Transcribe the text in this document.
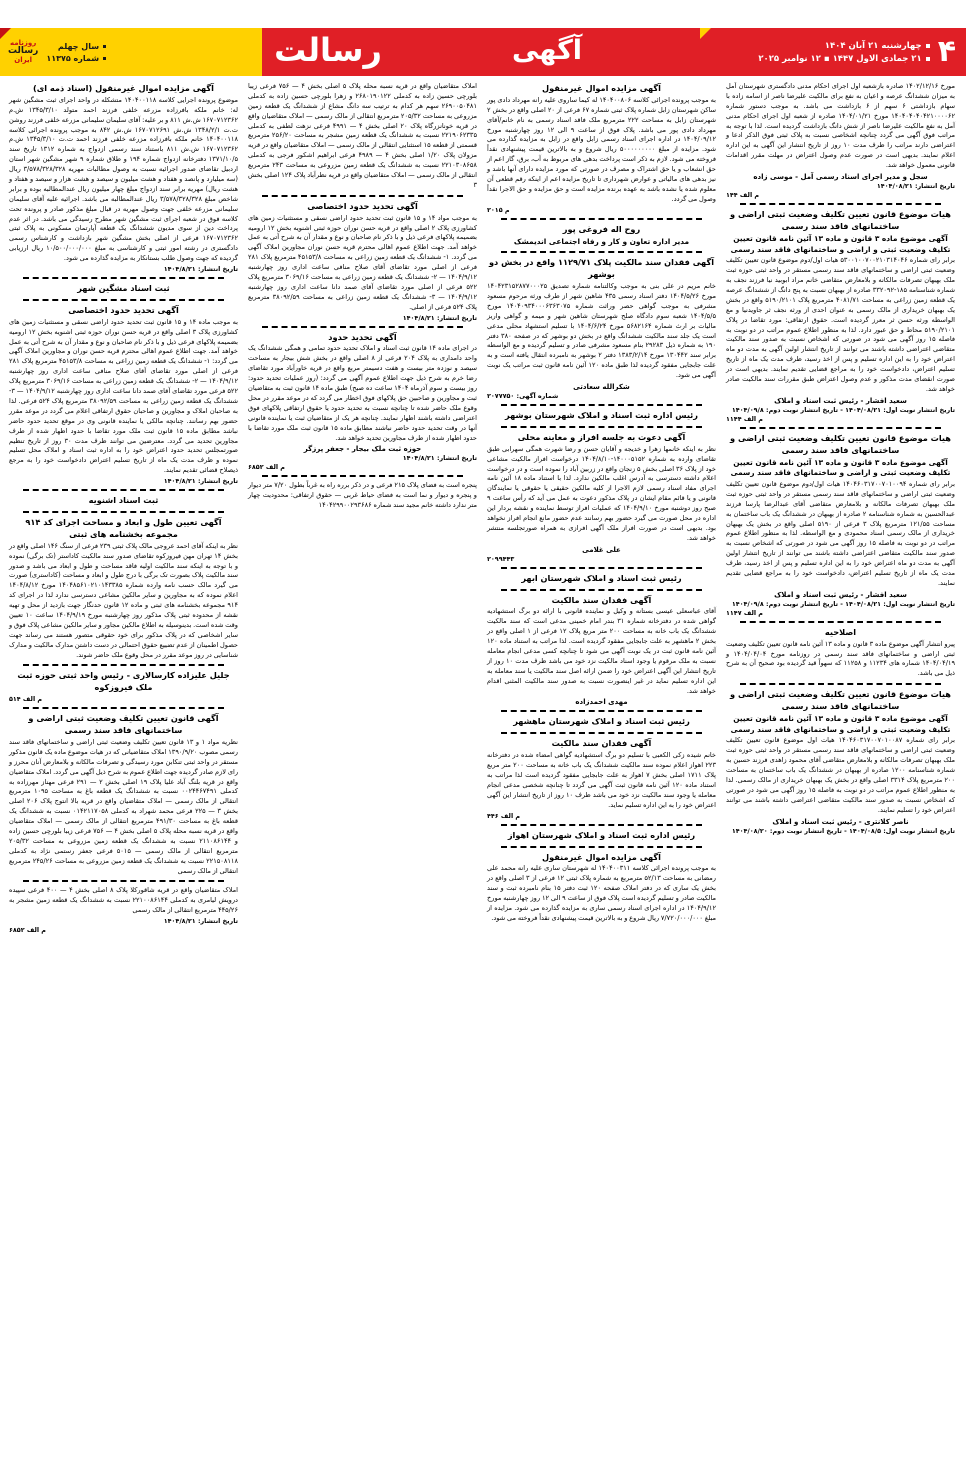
۴
چهارشنبه ۲۱ آبان ۱۴۰۴
۲۱ جمادی الاول ۱۴۴۷ ▪ ۱۲ نوامبر ۲۰۲۵
آگهی
رسالت
سال چهلم
شماره ۱۱۳۷۵
روزنامه
رسالت
ایران
مورخ ۱۴۰۲/۱۲/۱۶ صادره بازشعبه اول اجرای احکام مدنی دادگستری شهرستان آمل به میزان ششدانگ عرصه و اعیان به نفع برای مالکیت علیرضا ناصر از اسامه زاده با سهام بازداشتی ۶ سهم از ۶ بازداشت می باشد. به موجب دستور شماره ۱۴۰۴۰۴۰۴۰۴۲۱۰۰۰۰۶۲ مورخ ۱۴۰۴/۰۱/۲۱ صادره از شعبه اول اجرای احکام مدنی آمل به نفع مالکیت علیرضا ناصر از شش دانگ بازداشت گردیده است. لذا با توجه به مراتب فوق آگهی می گردد چنانچه اشخاصی نسبت به پلاک ثبتی فوق الذکر ادعا و اعتراضی دارند مراتب را ظرف مدت ۱۰ روز از تاریخ انتشار این آگهی به این اداره اعلام نمایند. بدیهی است در صورت عدم وصول اعتراض در مهلت مقرر اقدامات قانونی معمول خواهد شد.
سجل و مدیر اجرای اسناد رسمی آمل - موسی زاده
تاریخ انتشار: ۱۴۰۴/۰۸/۲۱
م الف ۱۴۴
هیات موضوع قانون تعیین تکلیف وضعیت ثبتی اراضی و ساختمانهای فاقد سند رسمی
آگهی موضوع ماده ۳ قانون و ماده ۱۳ آئین نامه قانون تعیین تکلیف وضعیت ثبتی و اراضی و ساختمانهای فاقد سند رسمی
برابر رای شماره ۵۳۰۰۱۰۰۷۰۰۲۱۰۳۱۴۰۴۶ هیات اول/دوم موضوع قانون تعیین تکلیف وضعیت ثبتی اراضی و ساختمانهای فاقد سند رسمی مستقر در واحد ثبتی حوزه ثبت ملک بهبهان تصرفات مالکانه و بلامعارض متقاضی خانم مراد ابوبید نیا فرزند نجف به شماره شناسنامه ۱۸۵-۳۳۲۰۹۲ صادره از بهبهان نسبت به پنج دانگ از ششدانگ عرصه یک قطعه زمین زراعی به مساحت ۴۰۸۱/۷۱ مترمربع پلاک ۵۱۹۰/۲۱۰۱ واقع در بخش یک بهبهان خریداری از مالک رسمی به عنوان احدی از ورثه نجف ثر جاویدنیا و مع الواسطه ورثه حسن ثر معرز گردیده است. حقوق ارتفاقی: مورد تقاضا در پلاک ۵۱۹۰/۲۱۰۱ محاط و حق عبور دارد. لذا به منظور اطلاع عموم مراتب در دو نوبت به فاصله ۱۵ روز آگهی می شود در صورتی که اشخاص نسبت به صدور سند مالکیت متقاضی اعتراضی داشته باشند می توانند از تاریخ انتشار اولین آگهی به مدت دو ماه اعتراض خود را به این اداره تسلیم و پس از اخذ رسید، ظرف مدت یک ماه از تاریخ تسلیم اعتراض، دادخواست خود را به مراجع قضایی تقدیم نمایند. بدیهی است در صورت انقضای مدت مذکور و عدم وصول اعتراض طبق مقررات سند مالکیت صادر خواهد شد.
سعید افشار - رئیس ثبت اسناد و املاک
تاریخ انتشار نوبت اول: ۱۴۰۴/۰۸/۲۱ - تاریخ انتشار نوبت دوم: ۱۴۰۴/۰۹/۸
م الف ۱۱۴۴
هیات موضوع قانون تعیین تکلیف وضعیت ثبتی اراضی و ساختمانهای فاقد سند رسمی
آگهی موضوع ماده ۳ قانون و ماده ۱۳ آئین نامه قانون تعیین تکلیف وضعیت ثبتی و اراضی و ساختمانهای فاقد سند رسمی
برابر رای شماره ۱۴۰۴۶۰۳۱۷۰۰۷۰۱۰۰۹۴ هیات اول/دوم موضوع قانون تعیین تکلیف وضعیت ثبتی اراضی و ساختمانهای فاقد سند رسمی مستقر در واحد ثبتی حوزه ثبت ملک بهبهان تصرفات مالکانه و بلامعارض متقاضی آقای عبدالرضا پارسا فرزند عبدالحسین به شماره شناسنامه ۲ صادره از بهبهان در ششدانگ یک باب ساختمان به مساحت ۱۲۱/۵۵ مترمربع پلاک ۳ فرعی از ۵۱۹۰ اصلی واقع در بخش یک بهبهان خریداری از مالک رسمی اسناد محمودی و مع الواسطه. لذا به منظور اطلاع عموم مراتب در دو نوبت به فاصله ۱۵ روز آگهی می شود در صورتی که اشخاص نسبت به صدور سند مالکیت متقاضی اعتراضی داشته باشند می توانند از تاریخ انتشار اولین آگهی به مدت دو ماه اعتراض خود را به این اداره تسلیم و پس از اخذ رسید، ظرف مدت یک ماه از تاریخ تسلیم اعتراض، دادخواست خود را به مراجع قضایی تقدیم نمایند.
سعید افشار - رئیس ثبت اسناد و املاک
تاریخ انتشار نوبت اول: ۱۴۰۴/۰۸/۲۱ - تاریخ انتشار نوبت دوم: ۱۴۰۴/۰۹/۸
م الف ۱۱۴۷
اصلاحیه
پیرو انتشار آگهی موضوع ماده ۳ قانون و ماده ۱۳ آئین نامه قانون تعیین تکلیف وضعیت ثبتی اراضی و ساختمانهای فاقد سند رسمی در روزنامه مورخ ۱۴۰۴/۰۴/۰۴ و ۱۴۰۴/۰۴/۱۹ شماره های ۱۱۲۳۴ و ۱۱۲۵۸ که سهواً قید گردیده بود صحیح آن به شرح ذیل می باشد.
هیات موضوع قانون تعیین تکلیف وضعیت ثبتی اراضی و ساختمانهای فاقد سند رسمی
آگهی موضوع ماده ۳ قانون و ماده ۱۳ آئین نامه قانون تعیین تکلیف وضعیت ثبتی و اراضی و ساختمانهای فاقد سند رسمی
برابر رای شماره ۱۴۰۴۶۰۳۱۷۰۰۷۰۱۰۰۸۷ هیات اول موضوع قانون تعیین تکلیف وضعیت ثبتی اراضی و ساختمانهای فاقد سند رسمی مستقر در واحد ثبتی حوزه ثبت ملک بهبهان تصرفات مالکانه و بلامعارض متقاضی آقای محمود زاهدی فرزند حسین به شماره شناسنامه ۱۲۰۰ صادره از بهبهان در ششدانگ یک باب ساختمان به مساحت ۲۰۰ مترمربع پلاک ۳۳۱۴ اصلی واقع در بخش یک بهبهان خریداری از مالک رسمی. لذا به منظور اطلاع عموم مراتب در دو نوبت به فاصله ۱۵ روز آگهی می شود در صورتی که اشخاص نسبت به صدور سند مالکیت متقاضی اعتراضی داشته باشند می توانند اعتراض خود را تسلیم نمایند.
ناصر کلانتری - رئیس ثبت اسناد و املاک
تاریخ انتشار نوبت اول: ۱۴۰۴/۰۸/۵ - تاریخ انتشار نوبت دوم: ۱۴۰۴/۰۸/۲۰
آگهی مزایده اموال غیرمنقول
به موجب پرونده اجرائی کلاسه ۱۴۰۴۰۰۸۰۶ له کیما ساروی علیه رانه مهرداد دادی پور ساکن شهرستان زابل شماره پلاک ثبتی شماره ۶۷ فرعی از ۲۰ اصلی واقع در بخش ۲ شهرستان زابل به مساحت ۲۲۲ مترمربع ملک فاقد اسناد رسمی به نام خانم/آقای مهرداد دادی پور می باشد. پلاک فوق از ساعت ۹ الی ۱۲ روز چهارشنبه مورخ ۱۴۰۴/۰۹/۱۲ در اداره اجرای اسناد رسمی زابل واقع در زابل به مزایده گذارده می شود. مزایده از مبلغ ۵۰۰۰۰۰۰۰۰۰ ریال شروع و به بالاترین قیمت پیشنهادی نقداً فروخته می شود. لازم به ذکر است پرداخت بدهی های مربوط به آب، برق، گاز اعم از حق انشعاب و یا حق اشتراک و مصرف در صورتی که مورد مزایده دارای آنها باشد و نیز بدهی های مالیاتی و عوارض شهرداری تا تاریخ مزایده اعم از اینکه رقم قطعی آن معلوم شده یا نشده باشد به عهده برنده مزایده است و حق مزایده و حق الاجرا نقداً وصول می گردد.
م ۲۰۱۵
روح اله فروغی پور
مدیر اداره تعاون و کار و رفاه اجتماعی اندیمشک
آگهی فقدان سند مالکیت پلاک ۱۱۲۹/۷۱ واقع در بخش دو بوشهر
خانم مریم در علی بنی به موجب وکالتنامه شماره تصدیق ۱۴۰۴۲۳۱۵۲۸۷۷۰۰۰۲۵ مورخ ۱۴۰۴/۵/۲۶ دفتر اسناد رسمی ۴۳۵ شاهین شهر از طرف ورثه مرحوم مسعود مشرفی به موجب گواهی حصر وراثت شماره ۱۴۰۴۰۹۳۴۰۰۰۶۳۶۳۰۷۵ مورخ ۱۴۰۴/۵/۵ شعبه سوم دادگاه صلح شهرستان شاهین شهر و میمه و گواهی واریز مالیات بر ارث شماره ۵۶۸۲۱۶۴ مورخ ۱۴۰۴/۶/۲۴ با تسلیم استشهاد محلی مدعی است یک جلد سند مالکیت ششدانگ واقع در بخش دو بوشهر که در صفحه ۳۸۰ دفتر ۱۹۰ به شماره ذیل ۲۹۲۸۳ بنام مسعود مشرفی صادر و تسلیم گردیده و مع الواسطه برابر سند ۱۳۰۴۴۲ مورخ ۱۳۸۳/۲/۱۴ دفتر ۲ بوشهر به نامبرده انتقال یافته است و به علت جابجایی مفقود گردیده لذا طبق ماده ۱۲۰ آئین نامه قانون ثبت مراتب یک نوبت آگهی می شود.
شکرالله سعادتی
شماره آگهی: ۲۰۷۷۷۵۰
رئیس اداره ثبت اسناد و املاک شهرستان بوشهر
آگهی دعوت به جلسه افراز و معاینه محلی
نظر به اینکه خانمها زهرا و خدیجه و آقایان حسن و رضا شهرت همگی سهرابی طبق تقاضای وارده به شماره ۱۴۰۰۰۵۱۵۲-۱۴۰۴/۸/۱۰ درخواست افراز مالکیت مشاعی خود از پلاک ۳۶ اصلی بخش ۵ زنجان واقع در زربین آباد را نموده است و در درخواست اعلام داشته دسترسی به آدرس اغلب مالکین ندارد. لذا با استناد ماده ۱۸ آئین نامه اجرای مفاد اسناد رسمی لازم الاجرا از کلیه مالکین حقیقی یا حقوقی یا نمایندگان قانونی و یا قائم مقام ایشان در پلاک مذکور دعوت به عمل می آید که رأس ساعت ۹ صبح روز دوشنبه مورخ ۱۴۰۴/۹/۱۰ که عملیات افراز توسط نماینده و نقشه بردار این اداره در محل صورت می گیرد حضور بهم رسانند عدم حضور مانع انجام افراز نخواهد بود. بدیهی است در صورت افراز ملک آگهی افرازی به همراه صورتجلسه منتشر خواهد شد.
علی غلامی
۲۰۹۹۴۴۳
رئیس ثبت اسناد و املاک شهرستان ابهر
آگهی فقدان سند مالکیت
آقای عباسعلی عیسی بستانه و وکیل و نماینده قانونی با ارائه دو برگ استشهادیه گواهی شده در دفترخانه شماره ۳۱ بندر امام خمینی مدعی است که سند مالکیت ششدانگ یک باب خانه به مساحت ۲۰۰ متر مربع پلاک ۱۲ فرعی از ۱ اصلی واقع در بخش ۲ ماهشهر به علت جابجایی مفقود گردیده است. لذا مراتب به استناد ماده ۱۲۰ آئین نامه قانون ثبت در یک نوبت آگهی می شود تا چنانچه کسی مدعی انجام معامله نسبت به ملک مرقوم یا وجود اسناد مالکیت نزد خود می باشد ظرف مدت ۱۰ روز از تاریخ انتشار این آگهی اعتراض خود را ضمن ارائه اصل سند مالکیت یا سند معامله به این اداره تسلیم نماید در غیر اینصورت نسبت به صدور سند مالکیت المثنی اقدام خواهد شد.
مهدی احمدزاده
رئیس ثبت اسناد و املاک شهرستان ماهشهر
آگهی فقدان سند مالکیت
خانم شیده زکی الکعبی با تسلیم دو برگ استشهادیه گواهی امضاء شده در دفترخانه ۲۲۳ اهواز اعلام نموده سند مالکیت ششدانگ یک باب خانه به مساحت ۲۰۰ متر مربع پلاک ۱۷۱۱ اصلی بخش ۷ اهواز به علت جابجایی مفقود گردیده است لذا مراتب به استناد ماده ۱۲۰ آئین نامه قانون ثبت آگهی می گردد تا چنانچه شخصی مدعی انجام معامله یا وجود سند مالکیت نزد خود می باشد ظرف ۱۰ روز از تاریخ انتشار این آگهی اعتراض خود را به این اداره تسلیم نماید.
م الف ۴۴۶
رئیس اداره ثبت اسناد و املاک شهرستان اهواز
آگهی مزایده اموال غیرمنقول
به موجب پرونده اجرائی کلاسه ۱۴۰۴۰۰۳۱۱ له شهرستان ساری علیه رانه محمد علی رمضانی به مساحت ۵۲/۱۳ مترمربع به شماره پلاک ثبتی ۱۲ فرعی از ۳ اصلی واقع در بخش یک ساری که در دفتر املاک صفحه ۱۲۰ ثبت دفتر ۱۵ بنام نامبرده ثبت و سند مالکیت صادر و تسلیم گردیده است پلاک فوق از ساعت ۹ الی ۱۲ روز چهارشنبه مورخ ۱۴۰۴/۹/۱۲ در اداره اجرای اسناد رسمی ساری به مزایده گذارده می شود. مزایده از مبلغ ۷/۷۲۰/۰۰۰/۰۰۰ ریال شروع و به بالاترین قیمت پیشنهادی نقداً فروخته می شود.
املاک متقاضیان واقع در قریه نسبه محله پلاک ۵ اصلی بخش ۴ — ۷۵۶ فرعی زیبا بلورچی حسین زاده به کدملی ۲۶۸۰۱۹۰۱۲۲ و زهرا بلورچی حسین زاده به کدملی ۲۶۹۰۰۵۰۴۸۱ سهم هر کدام به ترتیب سه دانگ مشاع از ششدانگ یک قطعه زمین مزروعی به مساحت ۲۰۵/۳۲ مترمربع انتقالی از مالک رسمی — املاک متقاضیان واقع در قریه خونانزرگاه پلاک ۲۰ اصلی بخش ۴ — ۴۹۹۱ فرعی نزهت لطفی به کدملی ۲۲۱۹۰۶۲۳۳۵ نسبت به ششدانگ یک قطعه زمین مشجر به مساحت ۲۵۶/۲۰ مترمربع قسمتی از قطعه ۱۵ استثنایی انتقالی از مالک رسمی — املاک متقاضیان واقع در قریه مزولان پلاک ۱/۲۰ اصلی بخش ۴ — ۴۹۸۹ فرعی ابراهیم اشکور فرجی به کدملی ۲۲۱۰۳۰۸۶۵۸ نسبت به ششدانگ یک قطعه زمین مزروعی به مساحت ۲۴۳ مترمربع انتقالی از مالک رسمی — املاک متقاضیان واقع در قریه نظرآباد پلاک ۱۲۴ اصلی بخش ۳
آگهی تحدید حدود اختصاصی
به موجب مواد ۱۴ و ۱۵ قانون ثبت تحدید حدود اراضی نسقی و مستثنیات زمین های کشاورزی پلاک ۲ اصلی واقع در قریه حسن نوران حوزه ثبتی اشنویه بخش ۱۲ ارومیه بضمیمه پلاکهای فرعی ذیل و با ذکر نام صاحبان و نوع و مقدار آن به شرح آتی به عمل خواهد آمد. جهت اطلاع عموم اهالی محترم قریه حسن نوران مجاورین املاک آگهی می گردد. ۱- ششدانگ یک قطعه زمین زراعی به مساحت ۴۵۱۵۳/۸ مترمربع پلاک ۲۸۱ فرعی از اصلی مورد تقاضای آقای صلاح منافی ساعت اداری روز چهارشنبه ۱۴۰۴/۹/۱۲ — ۲- ششدانگ یک قطعه زمین زراعی به مساحت ۳۰۶۹/۱۶ مترمربع پلاک ۵۲۲ فرعی از اصلی مورد تقاضای آقای صمد دانا ساعت اداری روز چهارشنبه ۱۴۰۴/۹/۱۲ — ۳- ششدانگ یک قطعه زمین زراعی به مساحت ۳۸۰۹۲/۵۹ مترمربع پلاک ۵۲۴ فرعی از اصلی.
تاریخ انتشار: ۱۴۰۴/۸/۲۱
آگهی تحدید حدود
در اجرای ماده ۱۴ قانون ثبت اسناد و املاک تحدید حدود تمامی و همگی ششدانگ یک واحد دامداری به پلاک ۲۰۴ فرعی از ۸ اصلی واقع در بخش شش بیجار به مساحت سیصد و نوزده متر بیست و هفت دسیمتر مربع واقع در قریه خاورآباد مورد تقاضای رضا خرم به شرح ذیل جهت اطلاع عموم آگهی می گردد: (روز عملیات تحدید حدود: روز بیست و سوم آذرماه ۱۴۰۴ ساعت ده صبح) طبق ماده ۱۴ قانون ثبت به متقاضیان ثبت و مجاورین و صاحبین حق پلاکهای فوق اخطار می گردد که در موعد مقرر در محل وقوع ملک حاضر شده تا چنانچه نسبت به تحدید حدود یا حقوق ارتفاقی پلاکهای فوق اعتراضی داشته باشند اظهار نمایند. چنانچه هر یک از متقاضیان ثبت یا نماینده قانونی آنها در وقت تحدید حدود حاضر نباشند مطابق ماده ۱۵ قانون ثبت ملک مورد تقاضا با حدود اظهار شده از طرف مجاورین تحدید خواهد شد.
حوزه ثبت ملک بیجار - جعفر پرزگر
تاریخ انتشار: ۱۴۰۴/۸/۲۱
م الف ۶۸۵۲
پنجره است به فضای پلاک ۲۱۵ فرعی و در ذکر برره راه به غرباً بطول ۷/۲۰ متر دیوار و پنجره و دیوار و نما است به فضای حیاط غربی — حقوق ارتفاقی: محدودیت چهار متر ندارد داشته خانم مجید سند شماره ۱۴۰۴۲۹۹۰۰۲۹۳۶۸۶
آگهی مزایده اموال غیرمنقول (اسناد ذمه ای)
موضوع پرونده اجرایی کلاسه ۱۴۰۴۰۰۱۱۸ متشکله در واحد اجرای ثبت مشگین شهر له: خانم ملکه بافرزاده مزرعه خلفی فرزند احمد متولد ۱۳۴۵/۳/۱۰ ش.م ۱۶۷۰۷۱۲۳۶۲ ش.ش ۸۱۱ و بر علیه: آقای سلیمان سلیمانی مزرعه خلفی فرزند روشن ت.ت ۱۳۴۸/۲/۱ ش.ش ۱۶۷۰۷۱۲۶۹۱ ش.ش ۸۴۲ به موجب پرونده اجرائی کلاسه ۱۴۰۴۰۰۱۱۸ خانم ملکه بافرزاده مزرعه خلفی فرزند احمد ت.ت ۱۳۴۵/۳/۱۰ ش.م ۱۶۷۰۷۱۲۳۶۲ ش.ش ۸۱۱ باستناد سند رسمی ازدواج به شماره ۱۳۱۲ تاریخ سند ۱۳۷۱/۱۰/۵ دفترخانه ازدواج شماره ۱۹۴ و طلاق شماره ۹ شهر مشگین شهر استان اردبیل تقاضای صدور اجرائیه نسبت به وصول مطالبات مهریه ۳/۵۷۸/۳۲۸/۳۲۸ ریال (سه میلیارد و پانصد و هفتاد و هشت میلیون و سیصد و هشت هزار و سیصد و هفتاد و هشت ریال) مهریه برابر سند ازدواج مبلغ چهار میلیون ریال عندالمطالبه بوده و برابر شاخص مبلغ ۳/۵۷۸/۳۲۸/۳۲۸ ریال عندالمطالبه می باشد. اجرائیه علیه آقای سلیمان سلیمانی مزرعه خلفی جهت وصول مهریه در قبال مبلغ مذکور صادر و پرونده تحت کلاسه فوق در شعبه اجرای ثبت مشگین شهر مطرح رسیدگی می باشد. در اثر عدم پرداخت دین از سوی مدیون ششدانگ یک قطعه آپارتمان مسکونی به پلاک ثبتی ۱۶۷۰۷۱۲۳۶۲ فرعی از اصلی بخش مشگین شهر بازداشت و کارشناس رسمی دادگستری در رشته امور ثبتی و کارشناسی به مبلغ ۱۰/۵۰۰/۰۰۰/۰۰۰ ریال ارزیابی گردیده که جهت وصول طلب بستانکار به مزایده گذارده می شود.
تاریخ انتشار: ۱۴۰۴/۸/۲۱
ثبت اسناد مشگین شهر
آگهی تحدید حدود اختصاصی
به موجب ماده ۱۴ و ۱۵ قانون ثبت تحدید حدود اراضی نسقی و مستثنیات زمین های کشاورزی پلاک ۳ اصلی واقع در قریه حسن نوران حوزه ثبتی اشنویه بخش ۱۲ ارومیه بضمیمه پلاکهای فرعی ذیل و با ذکر نام صاحبان و نوع و مقدار آن به شرح آتی به عمل خواهد آمد. جهت اطلاع عموم اهالی محترم قریه حسن نوران و مجاورین املاک آگهی می گردد: ۱- ششدانگ یک قطعه زمین زراعی به مساحت ۴۵۱۵۳/۸ مترمربع پلاک ۲۸۱ فرعی از اصلی مورد تقاضای آقای صلاح منافی ساعت اداری روز چهارشنبه ۱۴۰۴/۹/۱۲ — ۲- ششدانگ یک قطعه زمین زراعی به مساحت ۳۰۶۹/۱۶ مترمربع پلاک ۵۲۲ فرعی مورد تقاضای آقای صمد دانا ساعت اداری روز چهارشنبه ۱۴۰۴/۹/۱۲ — ۳- ششدانگ یک قطعه زمین زراعی به مساحت ۳۸۰۹۲/۵۹ مترمربع پلاک ۵۲۴ فرعی. لذا به صاحبان املاک و مجاورین و صاحبان حقوق ارتفاقی اعلام می گردد در موعد مقرر حضور بهم رسانند. چنانچه مالکی یا نماینده قانونی وی در موقع تحدید حدود حاضر نباشد مطابق ماده ۱۵ قانون ثبت ملک مورد تقاضا با حدود اظهار شده از طرف مجاورین تحدید می گردد. معترضین می توانند ظرف مدت ۳۰ روز از تاریخ تنظیم صورتمجلس تحدید حدود اعتراض خود را به اداره ثبت اسناد و املاک محل تسلیم نموده و ظرف مدت یک ماه از تاریخ تسلیم اعتراض دادخواست خود را به مرجع ذیصلاح قضائی تقدیم نمایند.
تاریخ انتشار: ۱۴۰۴/۸/۲۱
ثبت اسناد اشنویه
آگهی تعیین طول و ابعاد و مساحت اجرای کد ۹۱۴ مجموعه بخشنامه های ثبتی
نظر به اینکه آقای احمد عروجی مالک پلاک ثبتی ۲۳۹ فرعی از سنگ ۱۴۶ اصلی واقع در بخش ۱۴ تهران مهن فیروزکوه تقاضای صدور سند مالکیت کاداستر (تک برگی) نموده و با توجه به اینکه سند مالکیت اولیه فاقد مساحت و طول و ابعاد می باشد و صدور سند مالکیت پلاک بصورت تک برگی با درج طول و ابعاد و مساحت (کاداستری) صورت می گیرد مالک حسب نامه وارده شماره ۱۴۰۴۸۵۶۱۰۲۱۰۱۴۳۳۸۵ مورخ ۱۴۰۴/۸/۱۲ اعلام نموده که به مجاورین و سایر مالکین مشاعی دسترسی ندارد لذا در اجرای کد ۹۱۴ مجموعه بخشنامه های ثبتی و ماده ۱۲ قانون حدنگار جهت بازدید از محل و تهیه نقشه از محدوده ثبتی پلاک مذکور روز چهارشنبه مورخ ۱۴۰۴/۹/۱۹ ساعت ۱۰ تعیین وقت شده است. بدینوسیله به اطلاع مالکین مجاور و سایر مالکین مشاعی پلاک فوق و سایر اشخاصی که در پلاک مذکور برای خود حقوقی متصور هستند می رساند جهت حصول اطمینان از عدم تضییع حقوق احتمالی در دست داشتن مدارک مالکیت و مدارک شناسایی در روز موعد مقرر در محل وقوع ملک حاضر شوند.
جلیل علیزاده کارسالاری - رئیس واحد ثبتی حوزه ثبت ملک فیروزکوه
م الف ۵۱۴
آگهی قانون تعیین تکلیف وضعیت ثبتی اراضی و ساختمانهای فاقد سند رسمی
نظریه مواد ۱ و ۱۳ قانون تعیین تکلیف وضعیت ثبتی اراضی و ساختمانهای فاقد سند رسمی مصوب ۱۳۹۰/۹/۲۰ املاک متقاضیانی که در هیات موضوع ماده یک قانون مذکور مستقر در واحد ثبتی تنکابن مورد رسیدگی و تصرفات مالکانه و بلامعارض آنان محرز و رای لازم صادر گردیده جهت اطلاع عموم به شرح ذیل آگهی می گردد. املاک متقاضیان واقع در قریه بلنگ آباد علیا پلاک ۱۹ اصلی بخش ۲ — ۲۹۱ فرعی مهناز مهرزاده به کدملی ۰۰۲۴۴۶۷۴۹۱ نسبت به ششدانگ یک قطعه باغ به مساحت ۱۰۹۵ مترمربع انتقالی از مالک رسمی — املاک متقاضیان واقع در قریه بالا انتوج پلاک ۲۰۶ اصلی بخش ۳ — ۲۲۵ فرعی محمد شهراد به کدملی ۰۱۴۲۱۱۷۰۵۸ نسبت به ششدانگ یک قطعه باغ به مساحت ۴۹۱/۳۰ مترمربع انتقالی از مالک رسمی — املاک متقاضیان واقع در قریه نسبه محله پلاک ۵ اصلی بخش ۴ — ۷۵۶ فرعی زیبا بلورچی حسین زاده و ۲۱۱۰۸۶۱۴۴ نسبت به ششدانگ یک قطعه زمین مزروعی به مساحت ۲۰۵/۳۲ مترمربع انتقالی از مالک رسمی — ۵۰۱۵ فرعی جعفر رستمی نژاد به کدملی ۲۲۱۵۰۸۱۱۸ نسبت به ششدانگ یک قطعه زمین مزروعی به مساحت ۲۴۵/۲۶ مترمربع انتقالی از مالک رسمی
املاک متقاضیان واقع در قریه شاقورکلا پلاک ۸ اصلی بخش ۴ — ۴۰۰ فرعی سپیده درویش لیامری به کدملی ۲۲۱۰۰۸۶۱۴۴ نسبت به ششدانگ یک قطعه زمین مشجر به ۴۴۵/۲۶ مترمربع انتقالی از مالک رسمی
تاریخ انتشار: ۱۴۰۴/۸/۲۱
م الف ۶۸۵۲
